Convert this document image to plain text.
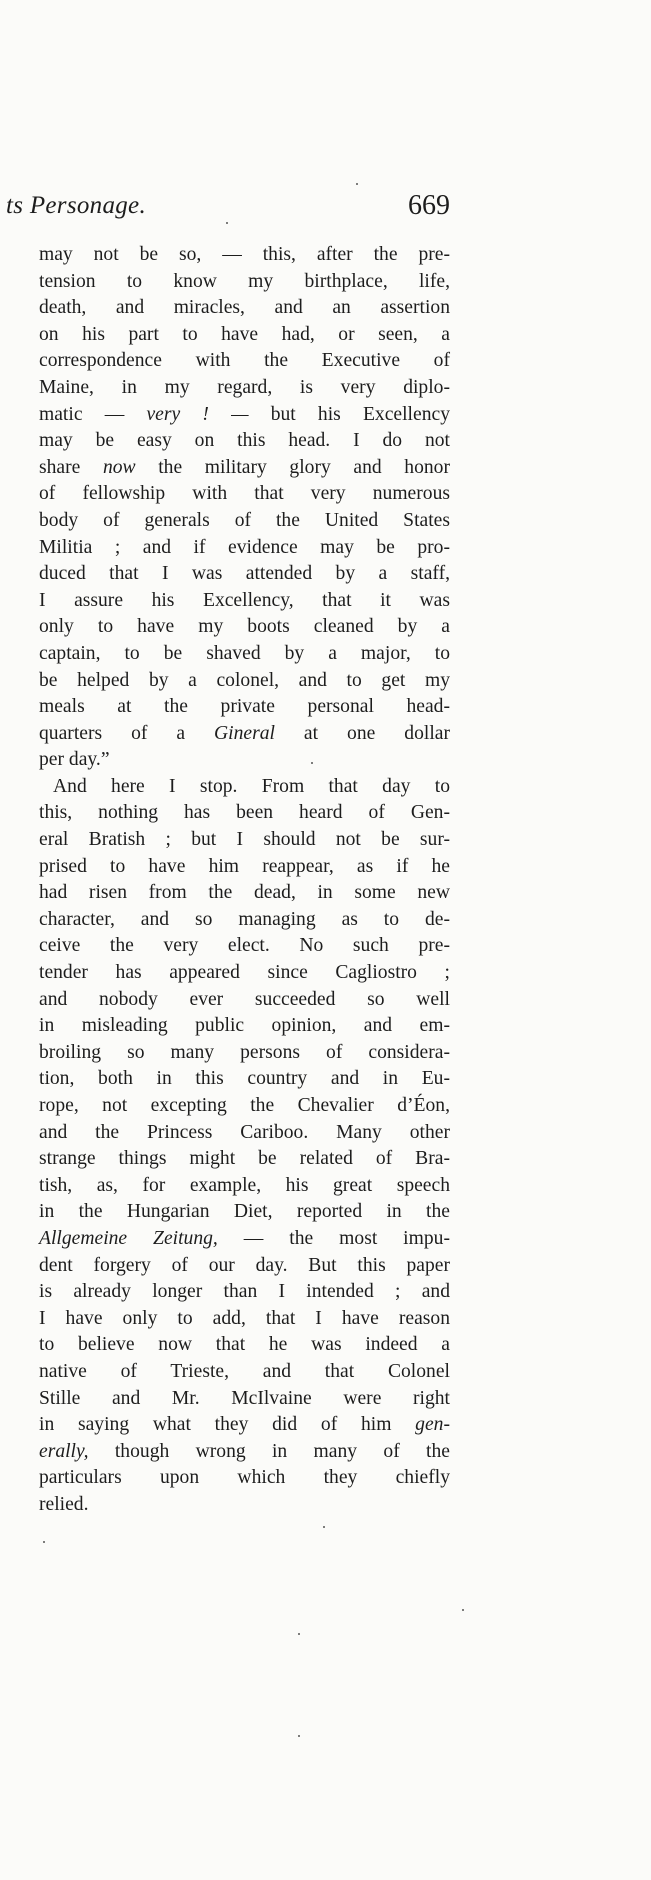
ts Personage.	669
may not be so, — this, after the pre-
tension to know my birthplace, life,
death, and miracles, and an assertion
on his part to have had, or seen, a
correspondence with the Executive of
Maine, in my regard, is very diplo-
matic — very ! — but his Excellency
may be easy on this head. I do not
share now the military glory and honor
of fellowship with that very numerous
body of generals of the United States
Militia ; and if evidence may be pro-
duced that I was attended by a staff,
I assure his Excellency, that it was
only to have my boots cleaned by a
captain, to be shaved by a major, to
be helped by a colonel, and to get my
meals at the private personal head-
quarters of a Gineral at one dollar
per day.”
And here I stop. From that day to
this, nothing has been heard of Gen-
eral Bratish ; but I should not be sur-
prised to have him reappear, as if he
had risen from the dead, in some new
character, and so managing as to de-
ceive the very elect. No such pre-
tender has appeared since Cagliostro ;
and nobody ever succeeded so well
in misleading public opinion, and em-
broiling so many persons of considera-
tion, both in this country and in Eu-
rope, not excepting the Chevalier d’Éon,
and the Princess Cariboo. Many other
strange things might be related of Bra-
tish, as, for example, his great speech
in the Hungarian Diet, reported in the
Allgemeine Zeitung, — the most impu-
dent forgery of our day. But this paper
is already longer than I intended ; and
I have only to add, that I have reason
to believe now that he was indeed a
native of Trieste, and that Colonel
Stille and Mr. McIlvaine were right
in saying what they did of him gen-
erally, though wrong in many of the
particulars upon which they chiefly
relied.
